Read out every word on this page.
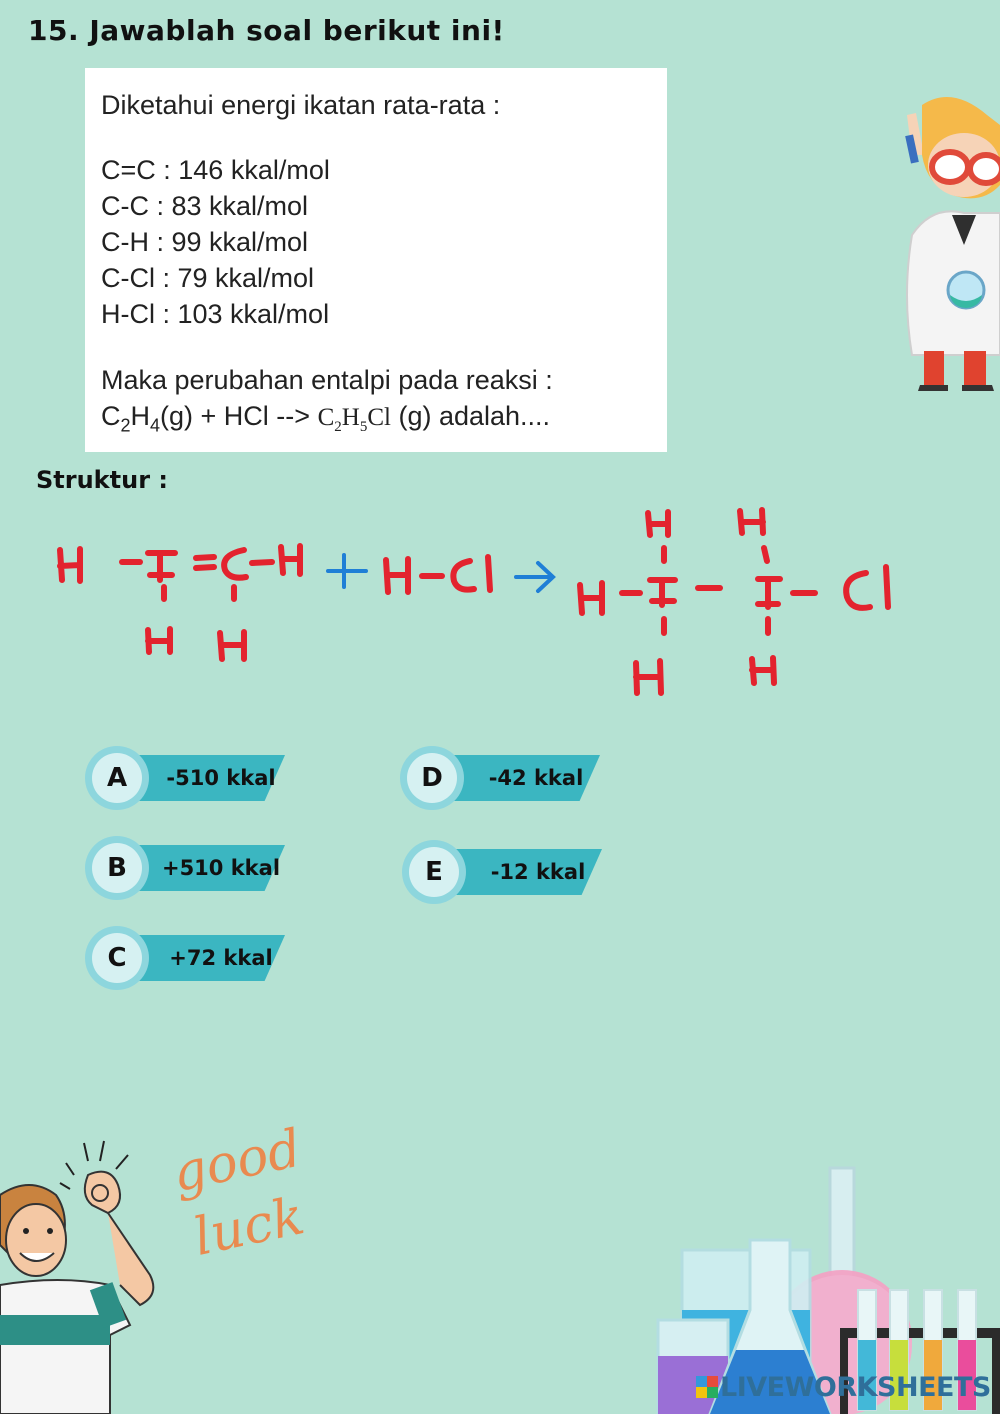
15. Jawablah soal berikut ini!
Diketahui energi ikatan rata-rata :
C=C : 146 kkal/mol
C-C : 83 kkal/mol
C-H : 99 kkal/mol
C-Cl : 79 kkal/mol
H-Cl : 103 kkal/mol
Maka perubahan entalpi pada reaksi :
$C_2H_4(g)$ + HCl --> $C_2H_5Cl$ (g) adalah....
Struktur :
A	-510 kkal
B	+510 kkal
C	+72 kkal
D	-42 kkal
E	-12 kkal
good
luck
LIVEWORKSHEETS
